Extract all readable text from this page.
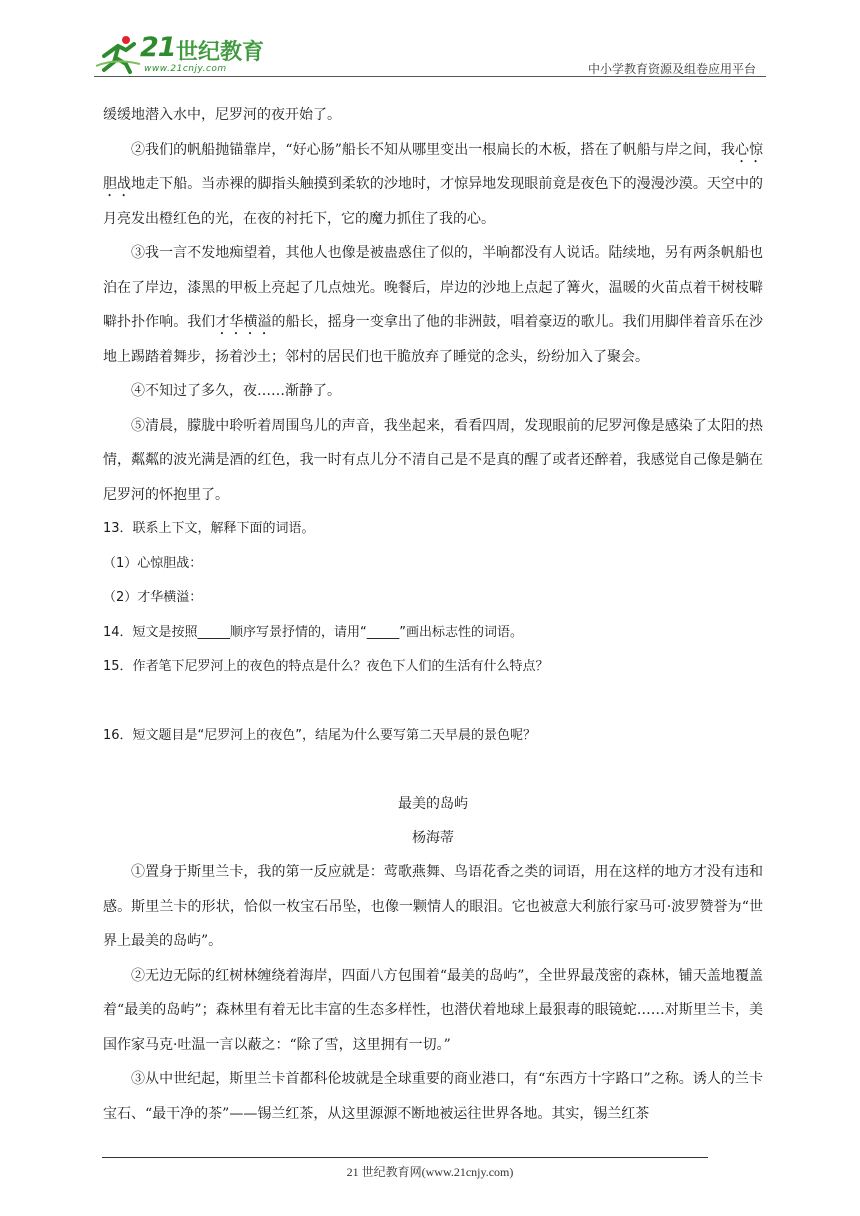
21 世纪教育
www.21cnjy.com	中小学教育资源及组卷应用平台
缓缓地潜入水中，尼罗河的夜开始了。
②我们的帆船抛锚靠岸，“好心肠”船长不知从哪里变出一根扁长的木板，搭在了帆船与岸之间，我心惊胆战地走下船。当赤裸的脚指头触摸到柔软的沙地时，才惊异地发现眼前竟是夜色下的漫漫沙漠。天空中的月亮发出橙红色的光，在夜的衬托下，它的魔力抓住了我的心。
③我一言不发地痴望着，其他人也像是被蛊惑住了似的，半晌都没有人说话。陆续地，另有两条帆船也泊在了岸边，漆黑的甲板上亮起了几点烛光。晚餐后，岸边的沙地上点起了篝火，温暖的火苗点着干树枝噼噼扑扑作响。我们才华横溢的船长，摇身一变拿出了他的非洲鼓，唱着豪迈的歌儿。我们用脚伴着音乐在沙地上踢踏着舞步，扬着沙土；邻村的居民们也干脆放弃了睡觉的念头，纷纷加入了聚会。
④不知过了多久，夜……渐静了。
⑤清晨，朦胧中聆听着周围鸟儿的声音，我坐起来，看看四周，发现眼前的尼罗河像是感染了太阳的热情，粼粼的波光满是酒的红色，我一时有点儿分不清自己是不是真的醒了或者还醉着，我感觉自己像是躺在尼罗河的怀抱里了。
13．联系上下文，解释下面的词语。
（1）心惊胆战：
（2）才华横溢：
14．短文是按照_____顺序写景抒情的，请用“_____”画出标志性的词语。
15．作者笔下尼罗河上的夜色的特点是什么？夜色下人们的生活有什么特点？
16．短文题目是“尼罗河上的夜色”，结尾为什么要写第二天早晨的景色呢？
最美的岛屿
杨海蒂
①置身于斯里兰卡，我的第一反应就是：莺歌燕舞、鸟语花香之类的词语，用在这样的地方才没有违和感。斯里兰卡的形状，恰似一枚宝石吊坠，也像一颗情人的眼泪。它也被意大利旅行家马可·波罗赞誉为“世界上最美的岛屿”。
②无边无际的红树林缠绕着海岸，四面八方包围着“最美的岛屿”，全世界最茂密的森林，铺天盖地覆盖着“最美的岛屿”；森林里有着无比丰富的生态多样性，也潜伏着地球上最狠毒的眼镜蛇……对斯里兰卡，美国作家马克·吐温一言以蔽之：“除了雪，这里拥有一切。”
③从中世纪起，斯里兰卡首都科伦坡就是全球重要的商业港口，有“东西方十字路口”之称。诱人的兰卡宝石、“最干净的茶”——锡兰红茶，从这里源源不断地被运往世界各地。其实，锡兰红茶
21 世纪教育网(www.21cnjy.com)
